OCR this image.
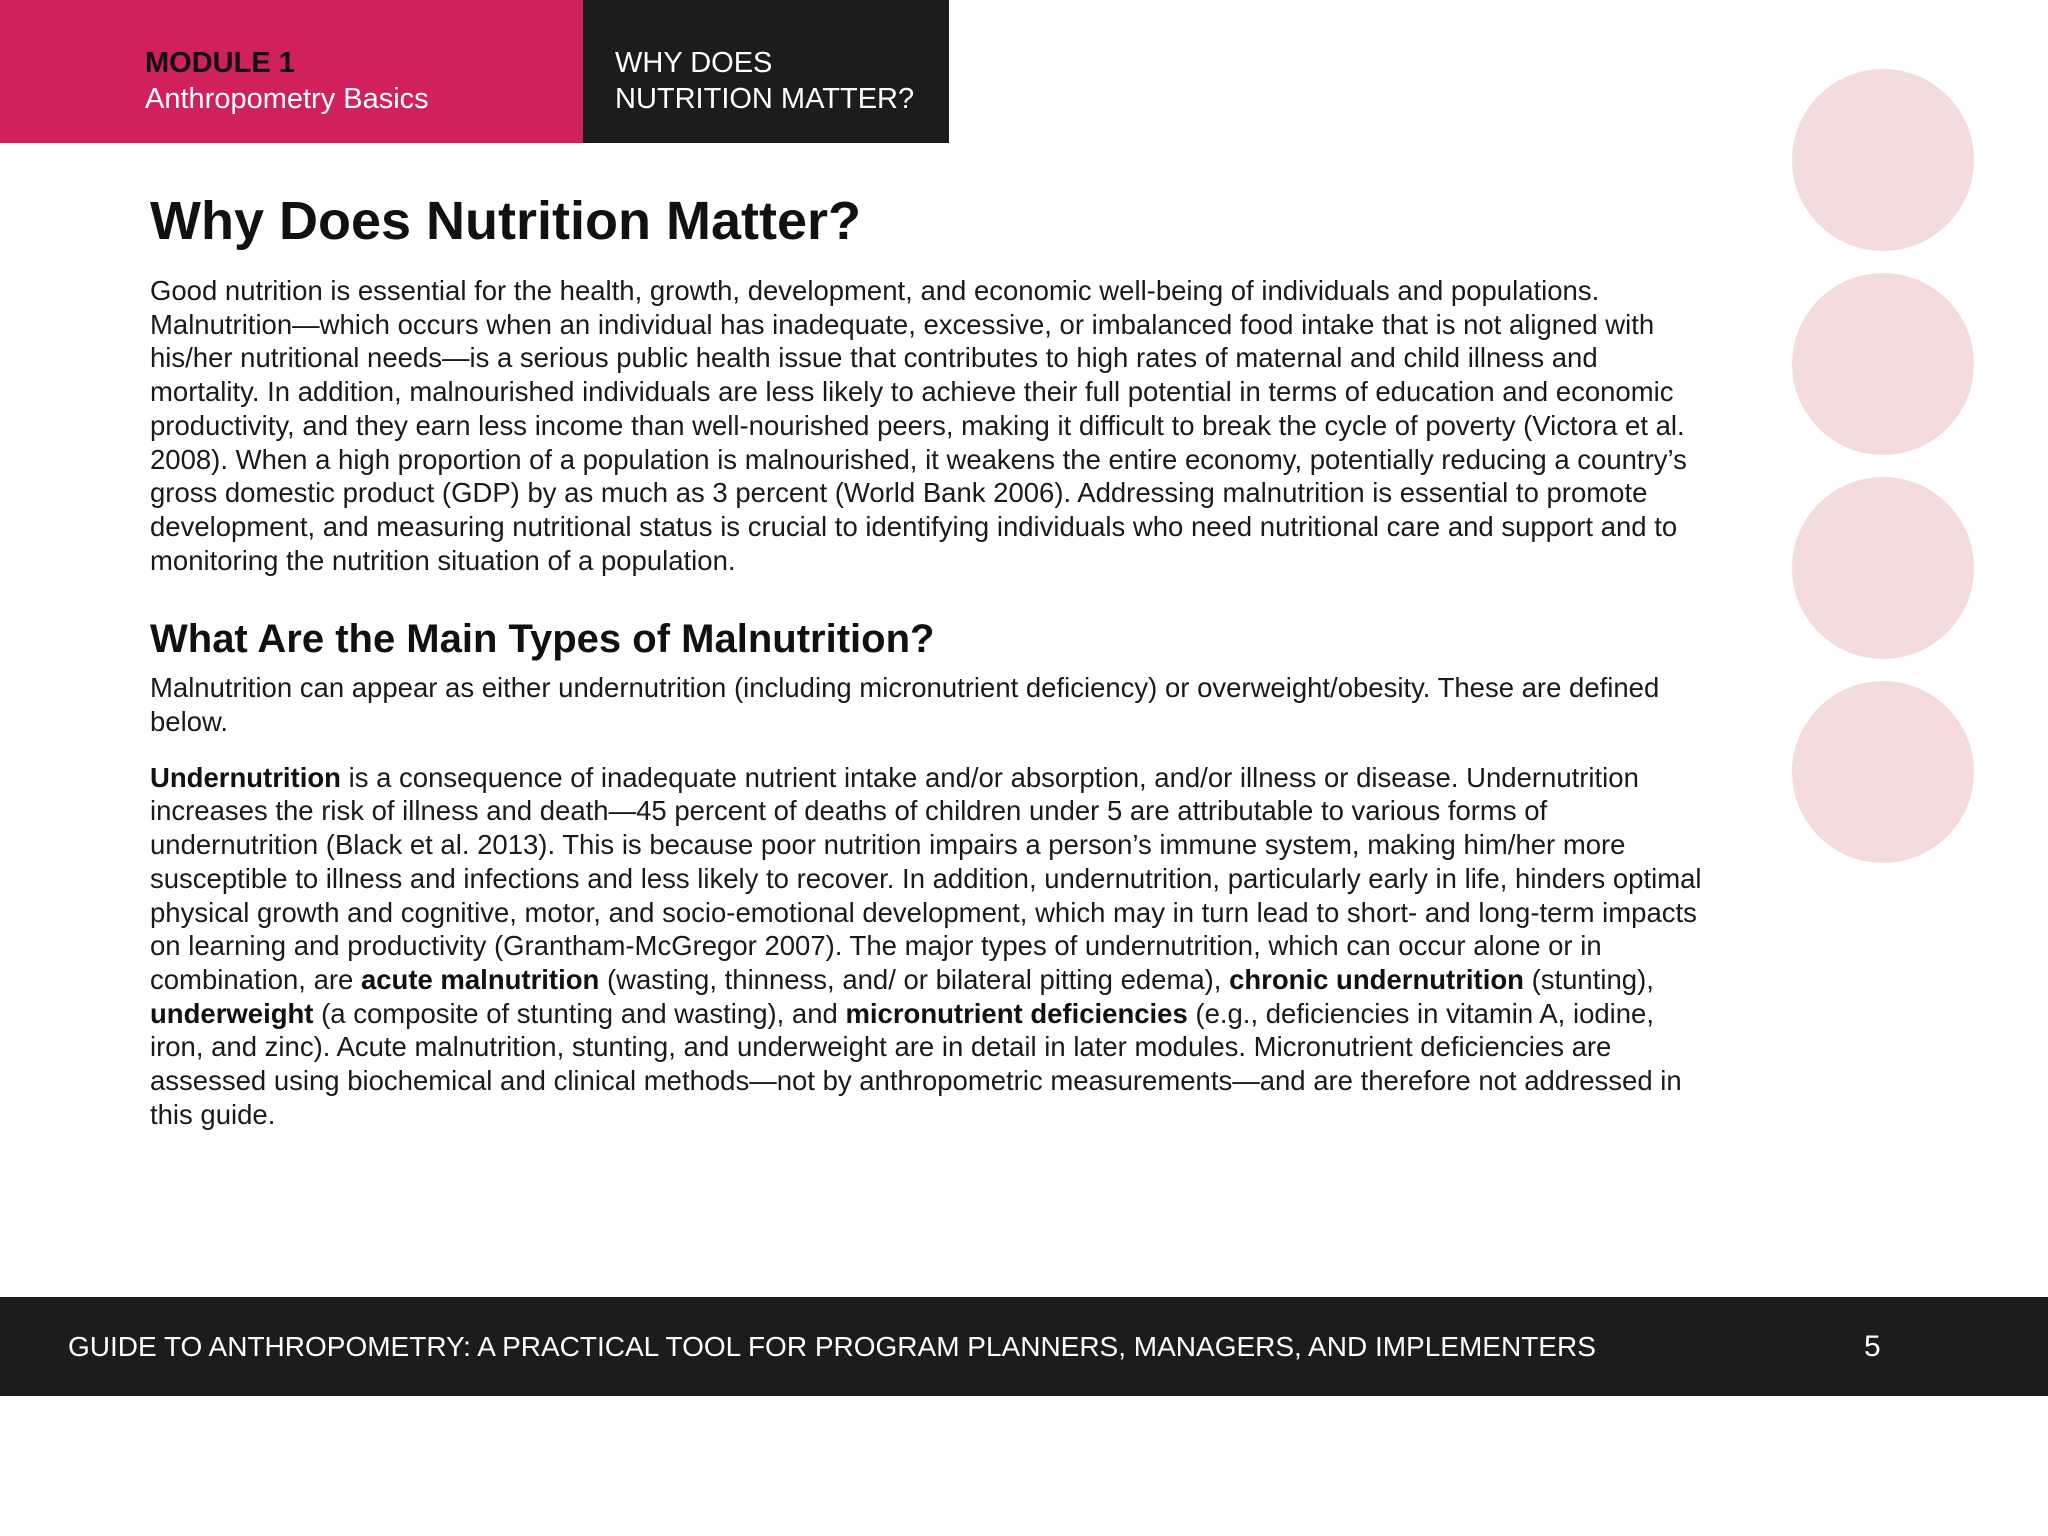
MODULE 1
Anthropometry Basics
WHY DOES
NUTRITION MATTER?
Why Does Nutrition Matter?

Good nutrition is essential for the health, growth, development, and economic well-being of individuals and populations. Malnutrition—which occurs when an individual has inadequate, excessive, or imbalanced food intake that is not aligned with his/her nutritional needs—is a serious public health issue that contributes to high rates of maternal and child illness and mortality. In addition, malnourished individuals are less likely to achieve their full potential in terms of education and economic productivity, and they earn less income than well-nourished peers, making it difficult to break the cycle of poverty (Victora et al. 2008). When a high proportion of a population is malnourished, it weakens the entire economy, potentially reducing a country’s gross domestic product (GDP) by as much as 3 percent (World Bank 2006). Addressing malnutrition is essential to promote development, and measuring nutritional status is crucial to identifying individuals who need nutritional care and support and to monitoring the nutrition situation of a population.

What Are the Main Types of Malnutrition?

Malnutrition can appear as either undernutrition (including micronutrient deficiency) or overweight/obesity. These are defined below.

Undernutrition is a consequence of inadequate nutrient intake and/or absorption, and/or illness or disease. Undernutrition increases the risk of illness and death—45 percent of deaths of children under 5 are attributable to various forms of undernutrition (Black et al. 2013). This is because poor nutrition impairs a person’s immune system, making him/her more susceptible to illness and infections and less likely to recover. In addition, undernutrition, particularly early in life, hinders optimal physical growth and cognitive, motor, and socio-emotional development, which may in turn lead to short- and long-term impacts on learning and productivity (Grantham-McGregor 2007). The major types of undernutrition, which can occur alone or in combination, are acute malnutrition (wasting, thinness, and/ or bilateral pitting edema), chronic undernutrition (stunting), underweight (a composite of stunting and wasting), and micronutrient deficiencies (e.g., deficiencies in vitamin A, iodine, iron, and zinc). Acute malnutrition, stunting, and underweight are in detail in later modules. Micronutrient deficiencies are assessed using biochemical and clinical methods—not by anthropometric measurements—and are therefore not addressed in this guide.

GUIDE TO ANTHROPOMETRY: A PRACTICAL TOOL FOR PROGRAM PLANNERS, MANAGERS, AND IMPLEMENTERS	5
